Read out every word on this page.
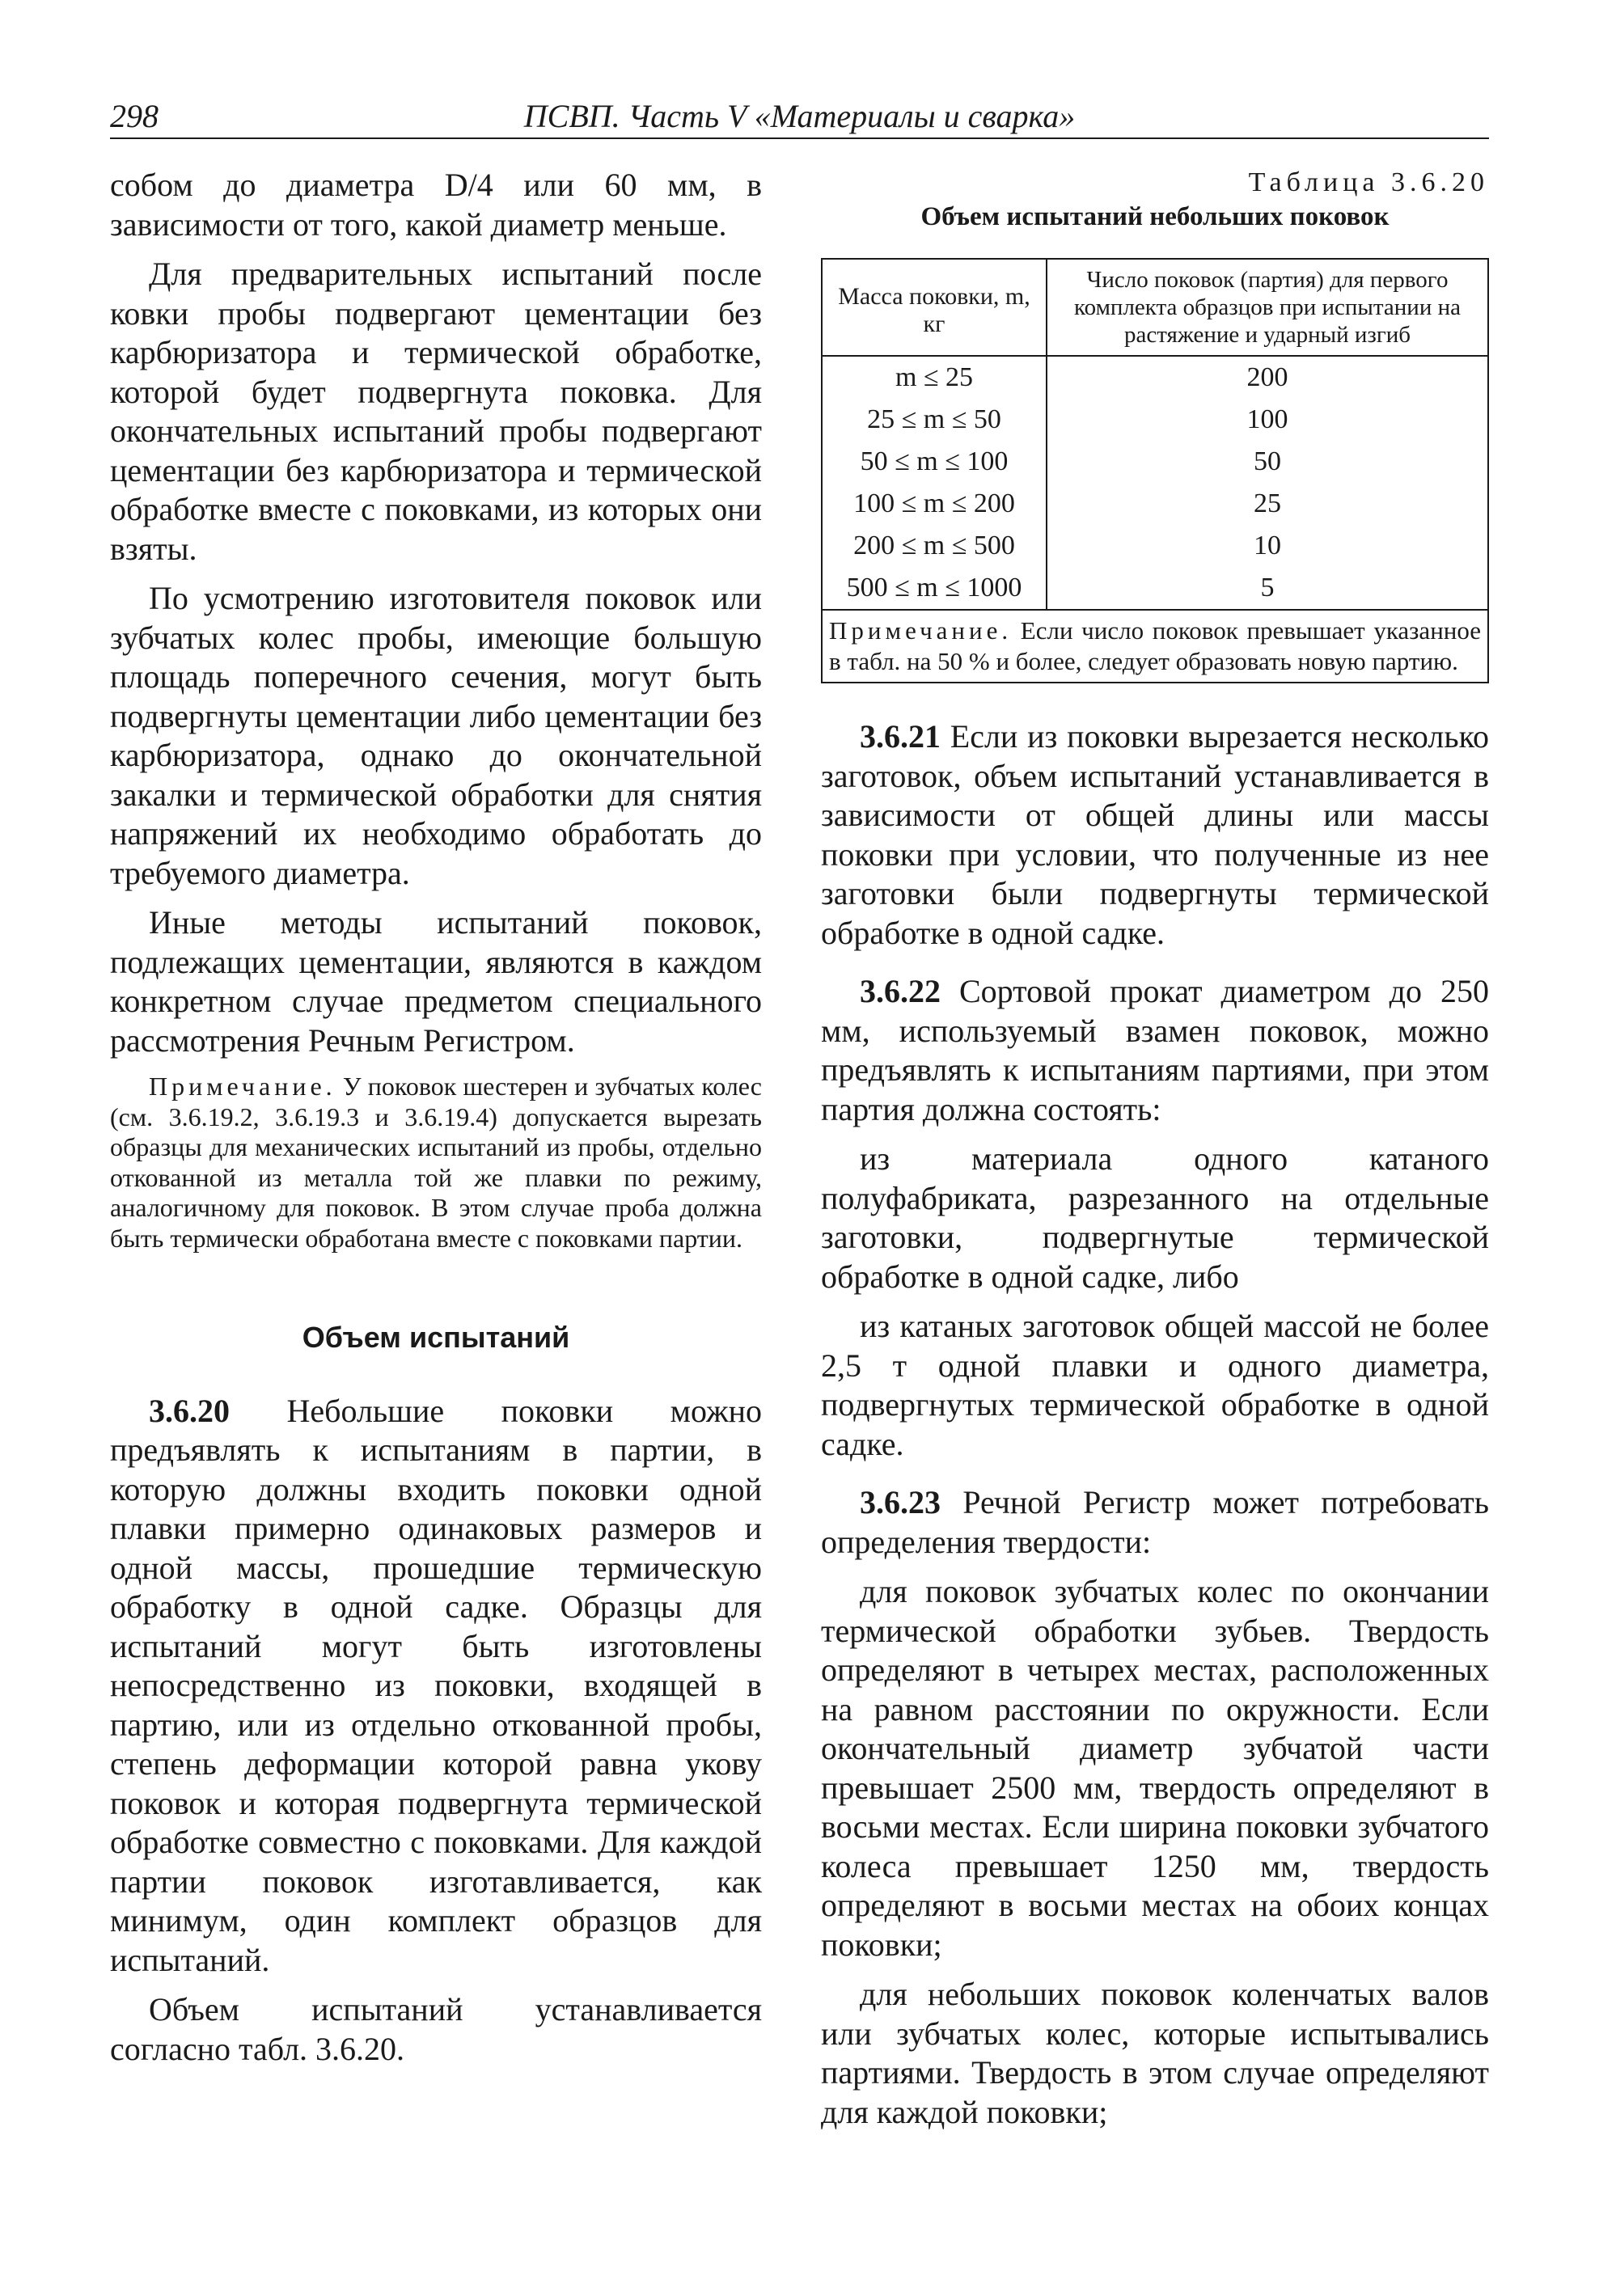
298	ПСВП. Часть V «Материалы и сварка»

собом до диаметра D/4 или 60 мм, в зависимости от того, какой диаметр меньше.

Для предварительных испытаний после ковки пробы подвергают цементации без карбюризатора и термической обработке, которой будет подвергнута поковка. Для окончательных испытаний пробы подвергают цементации без карбюризатора и термической обработке вместе с поковками, из которых они взяты.

По усмотрению изготовителя поковок или зубчатых колес пробы, имеющие большую площадь поперечного сечения, могут быть подвергнуты цементации либо цементации без карбюризатора, однако до окончательной закалки и термической обработки для снятия напряжений их необходимо обработать до требуемого диаметра.

Иные методы испытаний поковок, подлежащих цементации, являются в каждом конкретном случае предметом специального рассмотрения Речным Регистром.

Примечание. У поковок шестерен и зубчатых колес (см. 3.6.19.2, 3.6.19.3 и 3.6.19.4) допускается вырезать образцы для механических испытаний из пробы, отдельно откованной из металла той же плавки по режиму, аналогичному для поковок. В этом случае проба должна быть термически обработана вместе с поковками партии.
Объем испытаний

3.6.20 Небольшие поковки можно предъявлять к испытаниям в партии, в которую должны входить поковки одной плавки примерно одинаковых размеров и одной массы, прошедшие термическую обработку в одной садке. Образцы для испытаний могут быть изготовлены непосредственно из поковки, входящей в партию, или из отдельно откованной пробы, степень деформации которой равна укову поковок и которая подвергнута термической обработке совместно с поковками. Для каждой партии поковок изготавливается, как минимум, один комплект образцов для испытаний.

Объем испытаний устанавливается согласно табл. 3.6.20.

Таблица 3.6.20
Объем испытаний небольших поковок
Масса поковки, m, кг	Число поковок (партия) для первого комплекта образцов при испытании на растяжение и ударный изгиб
m ≤ 25	200
25 ≤ m ≤ 50	100
50 ≤ m ≤ 100	50
100 ≤ m ≤ 200	25
200 ≤ m ≤ 500	10
500 ≤ m ≤ 1000	5
Примечание. Если число поковок превышает указанное в табл. на 50 % и более, следует образовать новую партию.	

3.6.21 Если из поковки вырезается несколько заготовок, объем испытаний устанавливается в зависимости от общей длины или массы поковки при условии, что полученные из нее заготовки были подвергнуты термической обработке в одной садке.

3.6.22 Сортовой прокат диаметром до 250 мм, используемый взамен поковок, можно предъявлять к испытаниям партиями, при этом партия должна состоять:

из материала одного катаного полуфабриката, разрезанного на отдельные заготовки, подвергнутые термической обработке в одной садке, либо

из катаных заготовок общей массой не более 2,5 т одной плавки и одного диаметра, подвергнутых термической обработке в одной садке.

3.6.23 Речной Регистр может потребовать определения твердости:

для поковок зубчатых колес по окончании термической обработки зубьев. Твердость определяют в четырех местах, расположенных на равном расстоянии по окружности. Если окончательный диаметр зубчатой части превышает 2500 мм, твердость определяют в восьми местах. Если ширина поковки зубчатого колеса превышает 1250 мм, твердость определяют в восьми местах на обоих концах поковки;

для небольших поковок коленчатых валов или зубчатых колес, которые испытывались партиями. Твердость в этом случае определяют для каждой поковки;
